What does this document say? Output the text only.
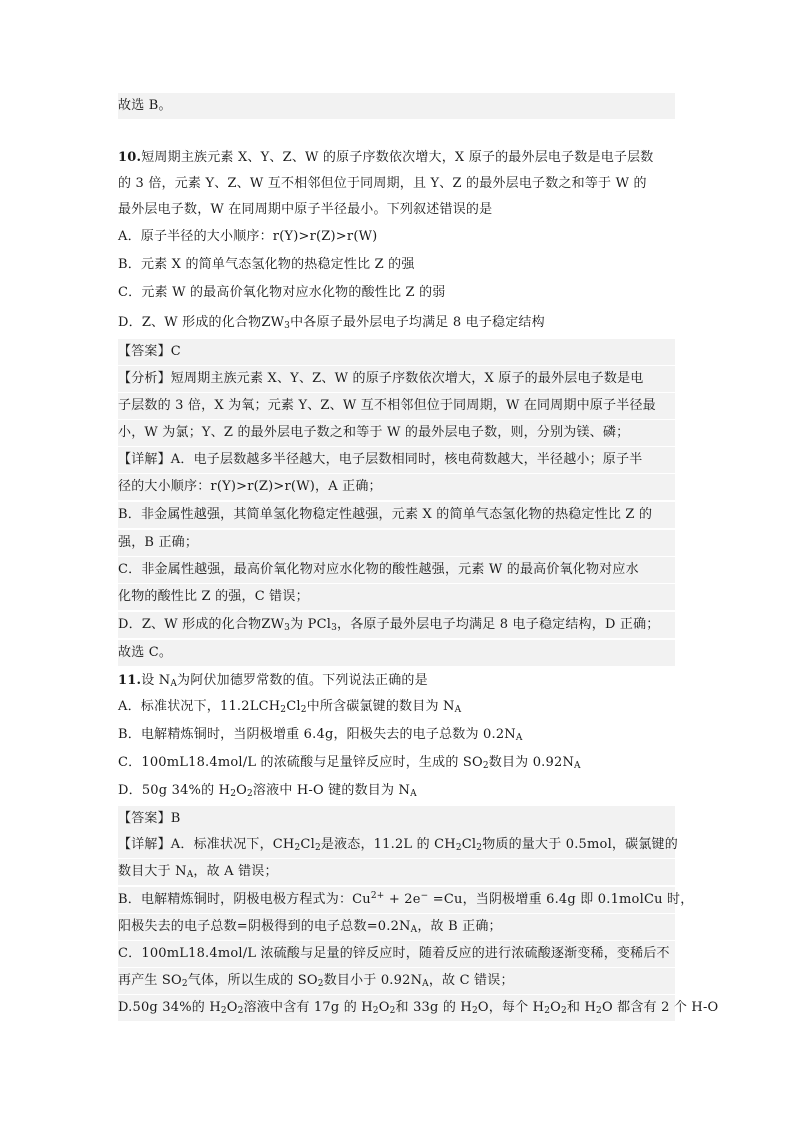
故选 B。
10.短周期主族元素 X、Y、Z、W 的原子序数依次增大，X 原子的最外层电子数是电子层数
的 3 倍，元素 Y、Z、W 互不相邻但位于同周期，且 Y、Z 的最外层电子数之和等于 W 的
最外层电子数，W 在同周期中原子半径最小。下列叙述错误的是
A．原子半径的大小顺序：r(Y)>r(Z)>r(W)
B．元素 X 的简单气态氢化物的热稳定性比 Z 的强
C．元素 W 的最高价氧化物对应水化物的酸性比 Z 的弱
D．Z、W 形成的化合物$ZW_3$中各原子最外层电子均满足 8 电子稳定结构
【答案】C
【分析】短周期主族元素 X、Y、Z、W 的原子序数依次增大，X 原子的最外层电子数是电
子层数的 3 倍，X 为氧；元素 Y、Z、W 互不相邻但位于同周期，W 在同周期中原子半径最
小，W 为氯；Y、Z 的最外层电子数之和等于 W 的最外层电子数，则，分别为镁、磷；
【详解】A．电子层数越多半径越大，电子层数相同时，核电荷数越大，半径越小；原子半
径的大小顺序：r(Y)>r(Z)>r(W)，A 正确；
B．非金属性越强，其简单氢化物稳定性越强，元素 X 的简单气态氢化物的热稳定性比 Z 的
强，B 正确；
C．非金属性越强，最高价氧化物对应水化物的酸性越强，元素 W 的最高价氧化物对应水
化物的酸性比 Z 的强，C 错误；
D．Z、W 形成的化合物$ZW_3$为 PCl$_3$，各原子最外层电子均满足 8 电子稳定结构，D 正确；
故选 C。
11.设 $N_A$为阿伏加德罗常数的值。下列说法正确的是
A．标准状况下，$11.2LCH_2Cl_2$中所含碳氯键的数目为 $N_A$
B．电解精炼铜时，当阴极增重 6.4g，阳极失去的电子总数为 $0.2N_A$
C．100mL18.4mol/L 的浓硫酸与足量锌反应时，生成的 $SO_2$数目为 $0.92N_A$
D．50g 34%的 $H_2O_2$溶液中 H-O 键的数目为 $N_A$
【答案】B
【详解】A．标准状况下，$CH_2Cl_2$是液态，11.2L 的 $CH_2Cl_2$物质的量大于 0.5mol，碳氯键的
数目大于 $N_A$，故 A 错误；
B．电解精炼铜时，阴极电极方程式为：$Cu^{2+} + 2e^- =Cu$，当阴极增重 6.4g 即 0.1molCu 时，
阳极失去的电子总数=阴极得到的电子总数$=0.2N_A$，故 B 正确；
C．100mL18.4mol/L 浓硫酸与足量的锌反应时，随着反应的进行浓硫酸逐渐变稀，变稀后不
再产生 $SO_2$气体，所以生成的 $SO_2$数目小于 $0.92N_A$，故 C 错误；
D.50g 34%的 $H_2O_2$溶液中含有 17g 的 $H_2O_2$和 33g 的 $H_2O$，每个 $H_2O_2$和 $H_2O$ 都含有 2 个 H-O
